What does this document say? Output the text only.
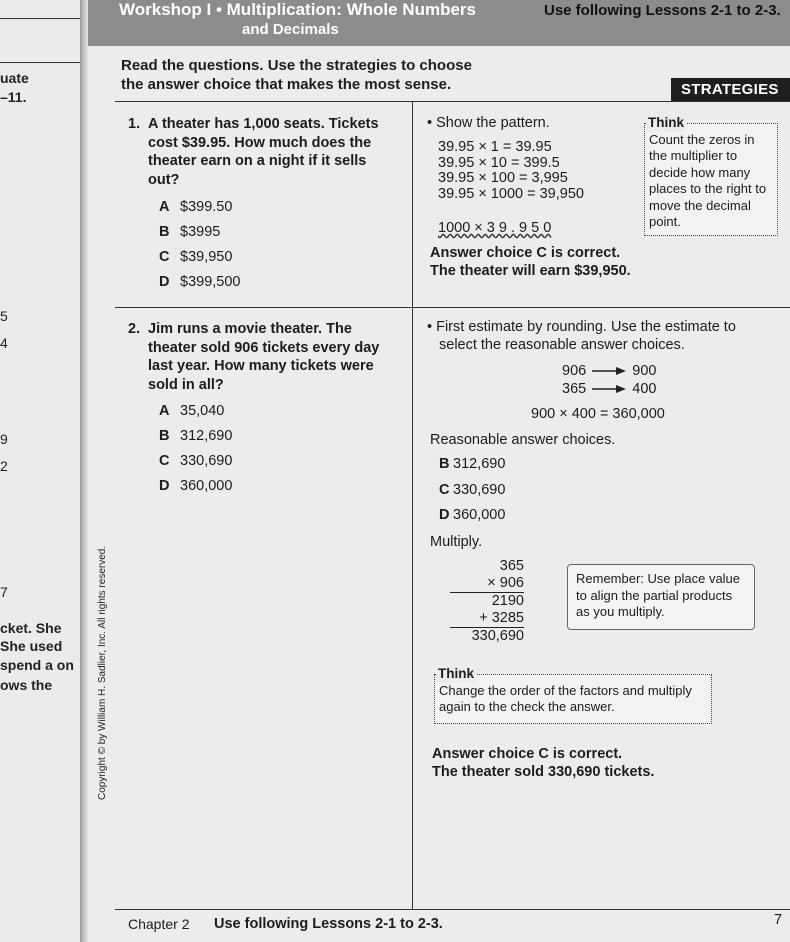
uate
–11.
5
4
9
2
7
cket. She
She used
spend a on
ows the
Workshop I • Multiplication: Whole Numbers
and Decimals
Use following Lessons 2-1 to 2-3.
Read the questions. Use the strategies to choose
the answer choice that makes the most sense.	STRATEGIES
1. A theater has 1,000 seats. Tickets
cost $39.95. How much does the
theater earn on a night if it sells
out?
A $399.50
B $3995
C $39,950
D $399,500
• Show the pattern.
39.95 × 1 = 39.95
39.95 × 10 = 399.5
39.95 × 100 = 3,995
39.95 × 1000 = 39,950
1000 × 3 9 . 9 5 0
Think
Count the zeros in
the multiplier to
decide how many
places to the right to
move the decimal
point.
Answer choice C is correct.
The theater will earn $39,950.
2. Jim runs a movie theater. The
theater sold 906 tickets every day
last year. How many tickets were
sold in all?
A 35,040
B 312,690
C 330,690
D 360,000
• First estimate by rounding. Use the estimate to
select the reasonable answer choices.
906	900
365	400
900 × 400 = 360,000
Reasonable answer choices.
B 312,690
C 330,690
D 360,000
Multiply.
365
× 906
2190
+ 3285
330,690
Remember: Use place value to align the partial products as you multiply.
Think
Change the order of the factors and multiply
again to the check the answer.
Answer choice C is correct.
The theater sold 330,690 tickets.
Copyright © by William H. Sadlier, Inc. All rights reserved.
Chapter 2 Use following Lessons 2-1 to 2-3.	7
